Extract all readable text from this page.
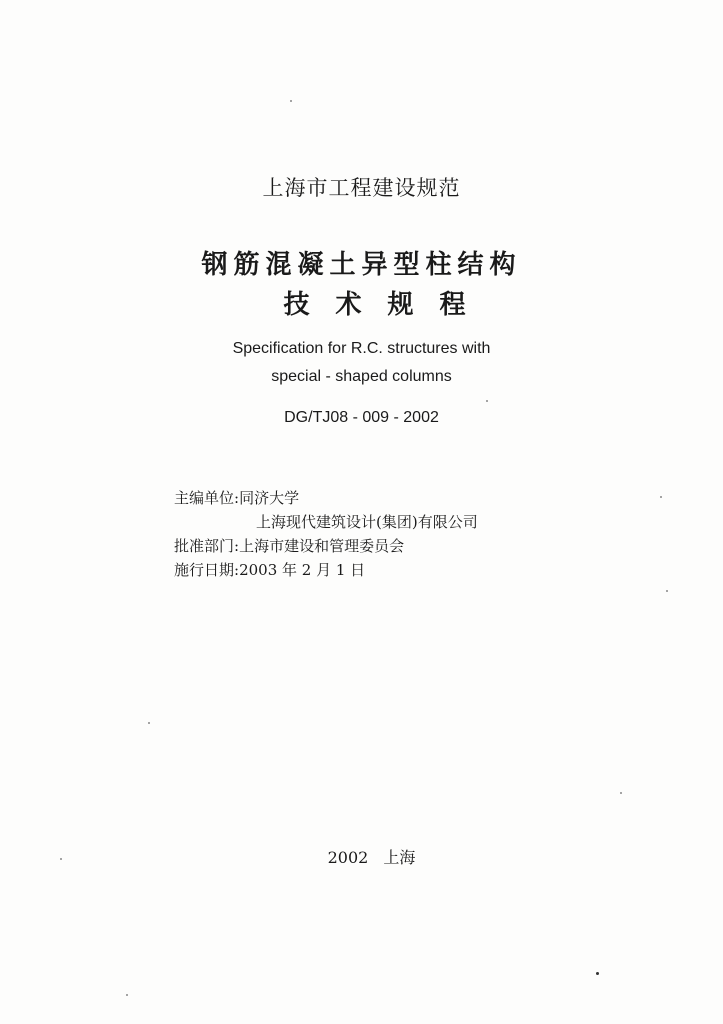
上海市工程建设规范
钢筋混凝土异型柱结构
技术规程
Specification for R.C. structures with
special - shaped columns
DG/TJ08 - 009 - 2002
主编单位:同济大学
上海现代建筑设计(集团)有限公司
批准部门:上海市建设和管理委员会
施行日期:2003 年 2 月 1 日
2002 上海
